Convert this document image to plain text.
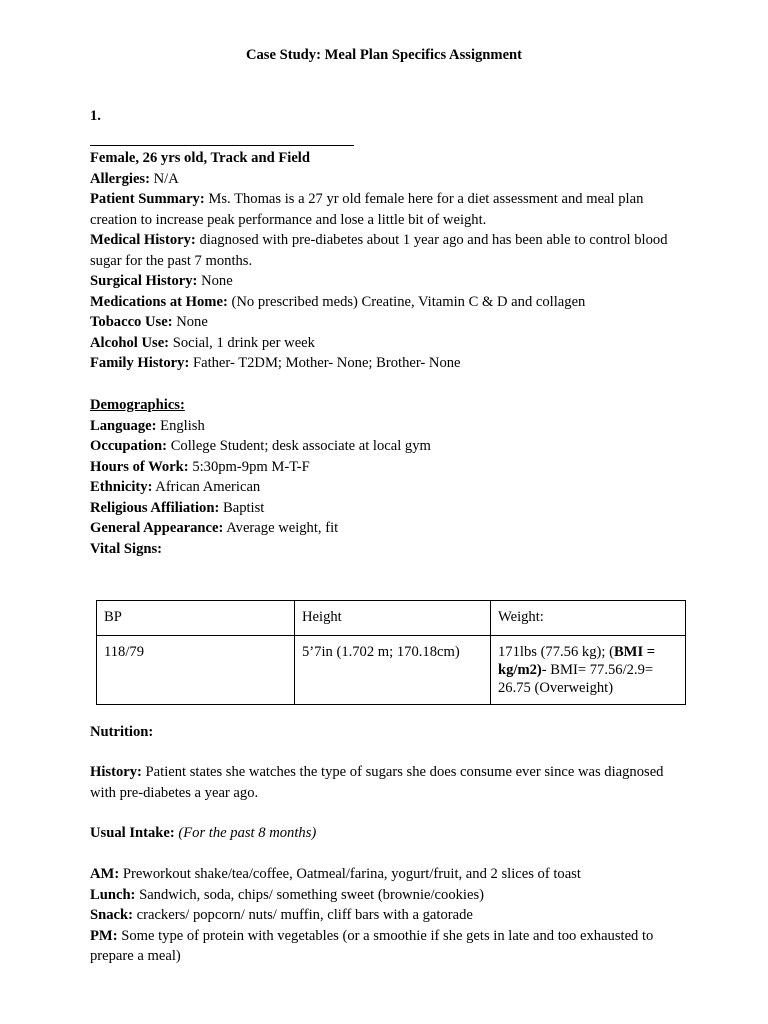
Case Study: Meal Plan Specifics Assignment
1.
Female, 26 yrs old, Track and Field
Allergies: N/A
Patient Summary: Ms. Thomas is a 27 yr old female here for a diet assessment and meal plan creation to increase peak performance and lose a little bit of weight.
Medical History: diagnosed with pre-diabetes about 1 year ago and has been able to control blood sugar for the past 7 months.
Surgical History: None
Medications at Home: (No prescribed meds) Creatine, Vitamin C & D and collagen
Tobacco Use: None
Alcohol Use: Social, 1 drink per week
Family History: Father- T2DM; Mother- None; Brother- None
Demographics:
Language: English
Occupation: College Student; desk associate at local gym
Hours of Work: 5:30pm-9pm M-T-F
Ethnicity: African American
Religious Affiliation: Baptist
General Appearance: Average weight, fit
Vital Signs:
BP	Height	Weight:
118/79	5’7in (1.702 m; 170.18cm)	171lbs (77.56 kg); (BMI = kg/m2)- BMI= 77.56/2.9= 26.75 (Overweight)
Nutrition:
History: Patient states she watches the type of sugars she does consume ever since was diagnosed with pre-diabetes a year ago.
Usual Intake: (For the past 8 months)
AM: Preworkout shake/tea/coffee, Oatmeal/farina, yogurt/fruit, and 2 slices of toast
Lunch: Sandwich, soda, chips/ something sweet (brownie/cookies)
Snack: crackers/ popcorn/ nuts/ muffin, cliff bars with a gatorade
PM: Some type of protein with vegetables (or a smoothie if she gets in late and too exhausted to prepare a meal)
